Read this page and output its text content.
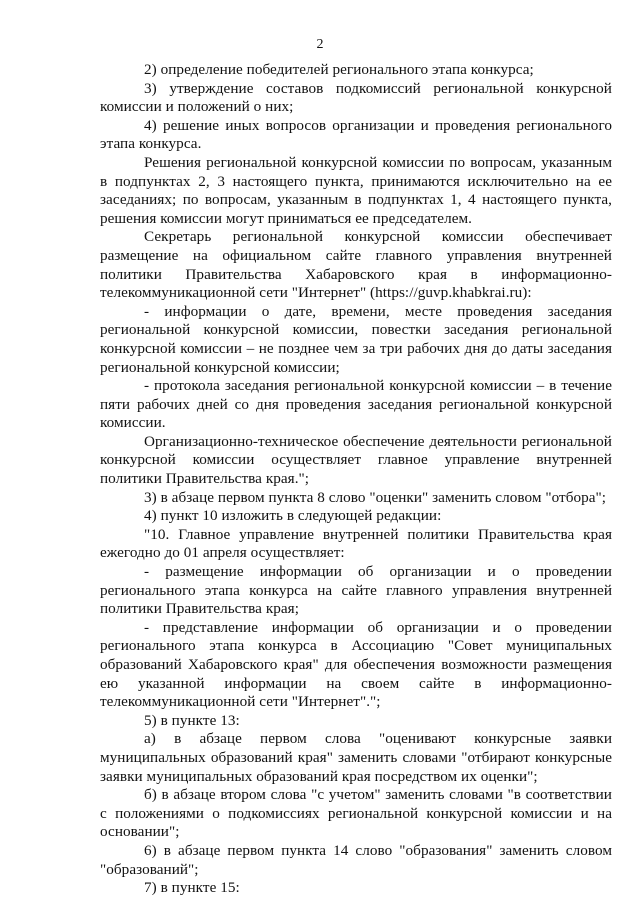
2

2) определение победителей регионального этапа конкурса;

3) утверждение составов подкомиссий региональной конкурсной комиссии и положений о них;

4) решение иных вопросов организации и проведения регионального этапа конкурса.

Решения региональной конкурсной комиссии по вопросам, указанным в подпунктах 2, 3 настоящего пункта, принимаются исключительно на ее заседаниях; по вопросам, указанным в подпунктах 1, 4 настоящего пункта, решения комиссии могут приниматься ее председателем.

Секретарь региональной конкурсной комиссии обеспечивает размещение на официальном сайте главного управления внутренней политики Правительства Хабаровского края в информационно-телекоммуникационной сети "Интернет" (https://guvp.khabkrai.ru):

- информации о дате, времени, месте проведения заседания региональной конкурсной комиссии, повестки заседания региональной конкурсной комиссии – не позднее чем за три рабочих дня до даты заседания региональной конкурсной комиссии;

- протокола заседания региональной конкурсной комиссии – в течение пяти рабочих дней со дня проведения заседания региональной конкурсной комиссии.

Организационно-техническое обеспечение деятельности региональной конкурсной комиссии осуществляет главное управление внутренней политики Правительства края.";

3) в абзаце первом пункта 8 слово "оценки" заменить словом "отбора";

4) пункт 10 изложить в следующей редакции:

"10. Главное управление внутренней политики Правительства края ежегодно до 01 апреля осуществляет:

- размещение информации об организации и о проведении регионального этапа конкурса на сайте главного управления внутренней политики Правительства края;

- представление информации об организации и о проведении регионального этапа конкурса в Ассоциацию "Совет муниципальных образований Хабаровского края" для обеспечения возможности размещения ею указанной информации на своем сайте в информационно-телекоммуникационной сети "Интернет".";

5) в пункте 13:

а) в абзаце первом слова "оценивают конкурсные заявки муниципальных образований края" заменить словами "отбирают конкурсные заявки муниципальных образований края посредством их оценки";

б) в абзаце втором слова "с учетом" заменить словами "в соответствии с положениями о подкомиссиях региональной конкурсной комиссии и на основании";

6) в абзаце первом пункта 14 слово "образования" заменить словом "образований";

7) в пункте 15:
